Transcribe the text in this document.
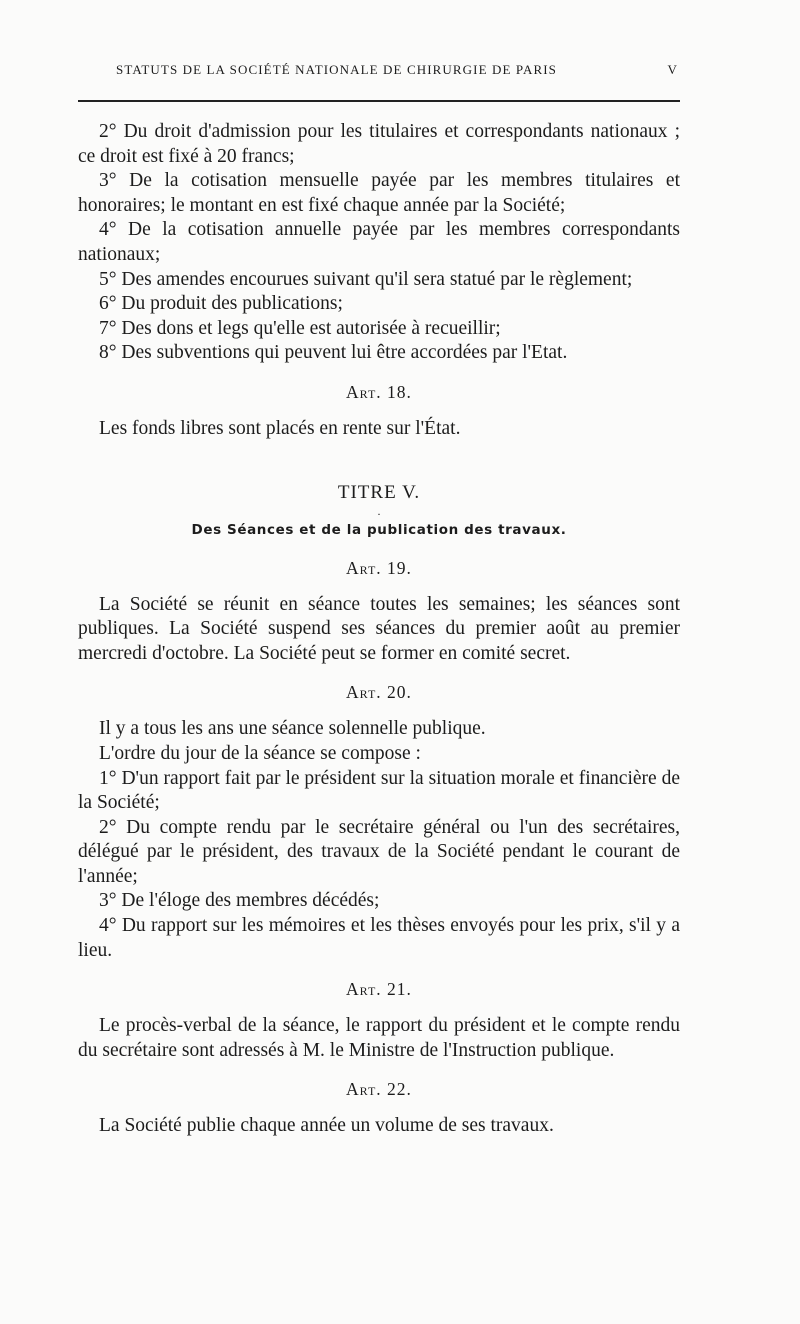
STATUTS DE LA SOCIÉTÉ NATIONALE DE CHIRURGIE DE PARIS	V

2° Du droit d'admission pour les titulaires et correspondants nationaux ; ce droit est fixé à 20 francs;

3° De la cotisation mensuelle payée par les membres titulaires et honoraires; le montant en est fixé chaque année par la Société;

4° De la cotisation annuelle payée par les membres correspondants nationaux;

5° Des amendes encourues suivant qu'il sera statué par le règlement;

6° Du produit des publications;

7° Des dons et legs qu'elle est autorisée à recueillir;

8° Des subventions qui peuvent lui être accordées par l'Etat.

Art. 18.

Les fonds libres sont placés en rente sur l'État.

TITRE V.
·
Des Séances et de la publication des travaux.
Art. 19.

La Société se réunit en séance toutes les semaines; les séances sont publiques. La Société suspend ses séances du premier août au premier mercredi d'octobre. La Société peut se former en comité secret.

Art. 20.

Il y a tous les ans une séance solennelle publique.

L'ordre du jour de la séance se compose :

1° D'un rapport fait par le président sur la situation morale et financière de la Société;

2° Du compte rendu par le secrétaire général ou l'un des secrétaires, délégué par le président, des travaux de la Société pendant le courant de l'année;

3° De l'éloge des membres décédés;

4° Du rapport sur les mémoires et les thèses envoyés pour les prix, s'il y a lieu.

Art. 21.

Le procès-verbal de la séance, le rapport du président et le compte rendu du secrétaire sont adressés à M. le Ministre de l'Instruction publique.

Art. 22.

La Société publie chaque année un volume de ses travaux.
